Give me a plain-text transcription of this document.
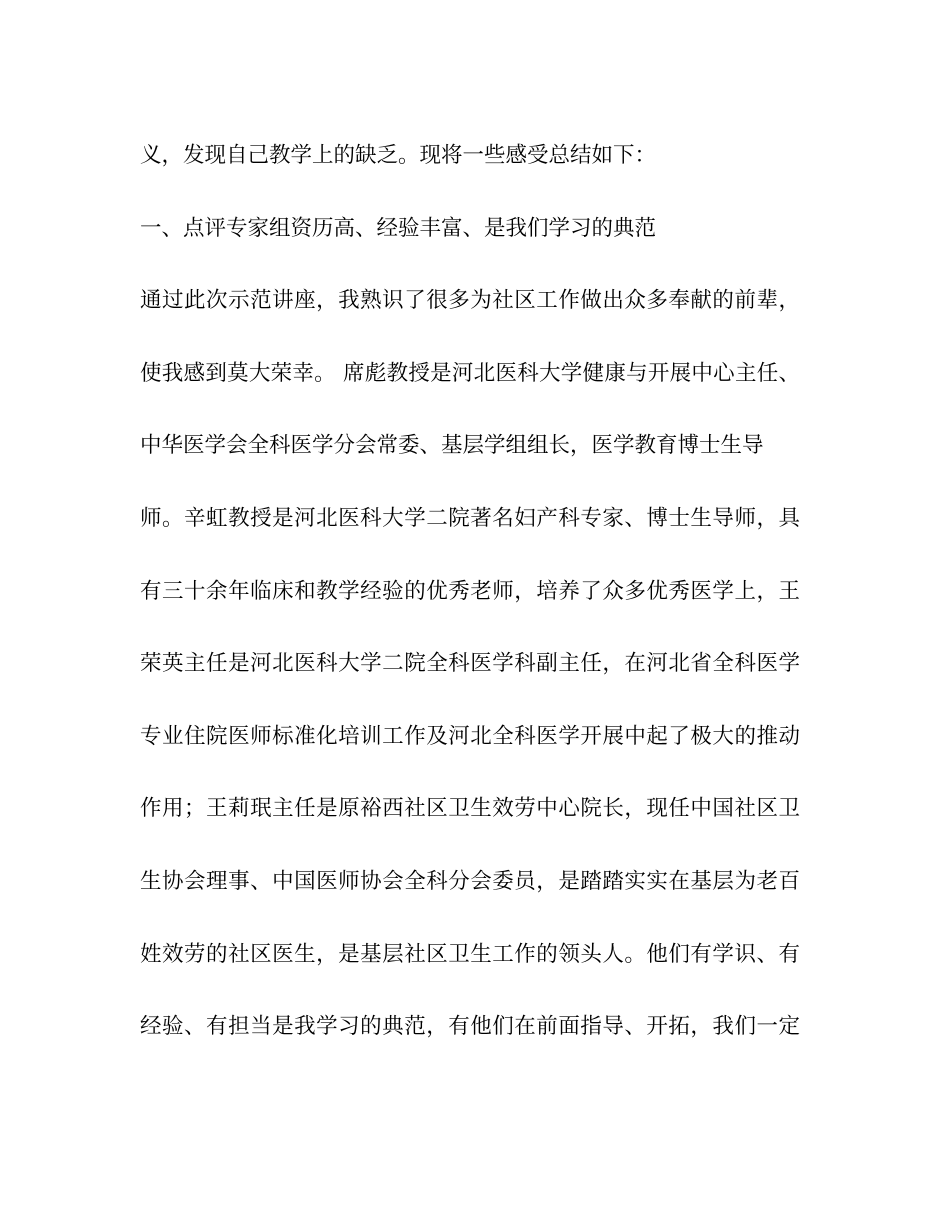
义，发现自己教学上的缺乏。现将一些感受总结如下：
一、点评专家组资历高、经验丰富、是我们学习的典范
通过此次示范讲座，我熟识了很多为社区工作做出众多奉献的前辈，
使我感到莫大荣幸。 席彪教授是河北医科大学健康与开展中心主任、
中华医学会全科医学分会常委、基层学组组长，医学教育博士生导
师。辛虹教授是河北医科大学二院著名妇产科专家、博士生导师，具
有三十余年临床和教学经验的优秀老师，培养了众多优秀医学上，王
荣英主任是河北医科大学二院全科医学科副主任，在河北省全科医学
专业住院医师标准化培训工作及河北全科医学开展中起了极大的推动
作用；王莉珉主任是原裕西社区卫生效劳中心院长，现任中国社区卫
生协会理事、中国医师协会全科分会委员，是踏踏实实在基层为老百
姓效劳的社区医生，是基层社区卫生工作的领头人。他们有学识、有
经验、有担当是我学习的典范，有他们在前面指导、开拓，我们一定
